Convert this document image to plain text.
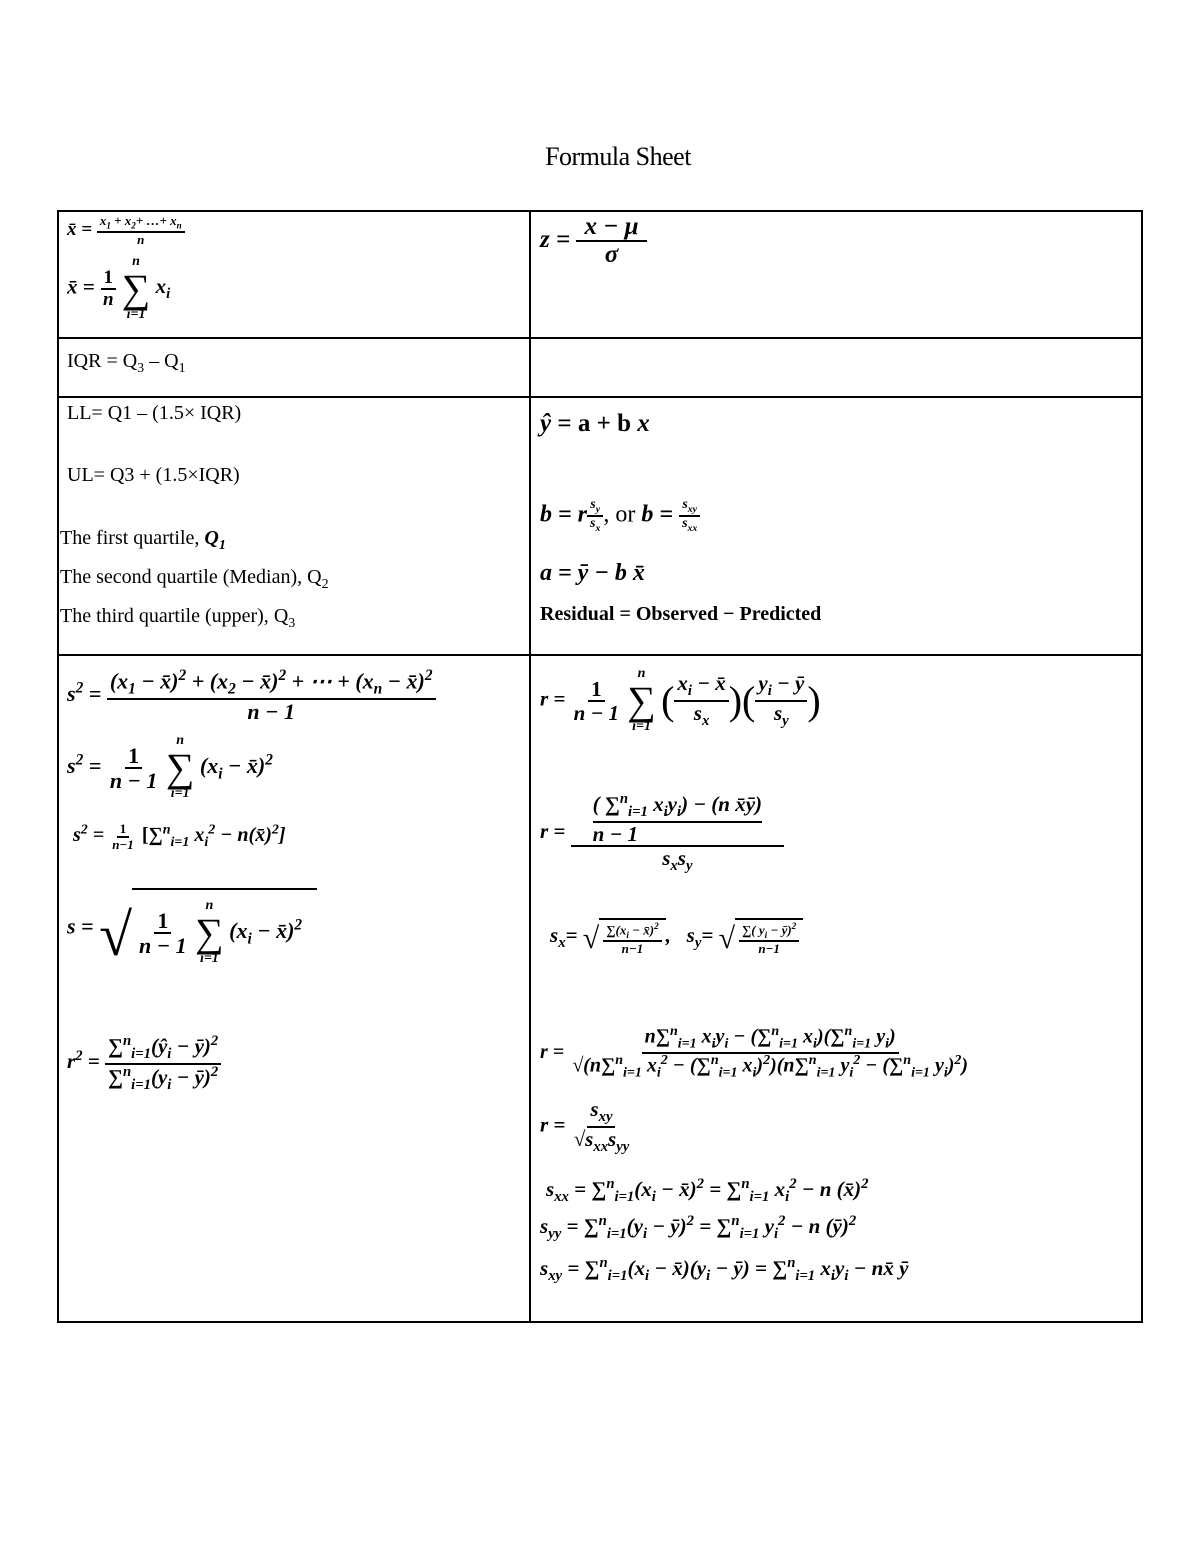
Formula Sheet
x̄ = $\frac{x_1 + x_2+ \dots+ x_n}{n}$
x̄ = $\frac{1}{n}$

n
∑
i=1
$x_i$
$z = \frac{x - \mu}{\sigma}$
IQR = $Q_3 - Q_1$
LL= Q1 – (1.5× IQR)
UL= Q3 + (1.5×IQR)
The first quartile, $Q_1$
The second quartile (Median), $Q_2$
The third quartile (upper), $Q_3$
ŷ = a + b x
b = r $\frac{s_y}{s_x}$ , or $b = \frac{s_{xy}}{s_{xx}}$
a = ȳ − b x̄
Residual = Observed − Predicted
$s^2 = \frac{(x_1 - x̄)^2 + (x_2 - x̄)^2 + \cdots + (x_n - x̄)^2}{n - 1}$
$s^2 = \frac{1}{n - 1}$

n
∑
i=1
($x_i$ − x̄)$^2$
$s^2 = \frac{1}{n-1} [\sum^n_{i=1}$ $x_i^2$ − n(x̄)$^2$]
s = √ $\frac{1}{n - 1}$

n
∑
i=1
($x_i$ − x̄)$^2$
$r^2 = \frac{\sum^n_{i=1}(ŷ_i - ȳ)^2}{\sum^n_{i=1}(y_i - ȳ)^2}$
$r = \frac{1}{n - 1}$

n
∑
i=1
( $\frac{x_i - x̄}{s_x}$ )( $\frac{y_i - ȳ}{s_y}$ )
r =
( ∑$^n_{i=1}$ $x_iy_i) - (n$ x̄ȳ)
n − 1
$s_xs_y$
$s_x=$ √ $\frac{\sum(x_i - x̄)^2}{n-1}$ ,   $s_y=$ √ $\frac{\sum( y_i - ȳ)^2}{n-1}$
$r = \frac{n\sum^n_{i=1} x_iy_i - (\sum^n_{i=1} x_i)(\sum^n_{i=1} y_i)}{√(n\sum^n_{i=1} x_i^2 - (\sum^n_{i=1} x_i)^2)(n\sum^n_{i=1} y_i^2 - (\sum^n_{i=1} y_i)^2)}$
$r = \frac{s_{xy}}{√s_{xx}s_{yy}}$
$s_{xx} = \sum^n_{i=1}(x_i$ − x̄)$^2$ = ∑$^n_{i=1}$ $x_i^2 - n$ (x̄)$^2$
$s_{yy} = \sum^n_{i=1}(y_i$ − ȳ)$^2$ = ∑$^n_{i=1}$ $y_i^2 - n$ (ȳ)$^2$
$s_{xy} = \sum^n_{i=1}(x_i$ − $x̄)(y_i$ − ȳ) = ∑$^n_{i=1}$ $x_iy_i$ − nx̄ ȳ
